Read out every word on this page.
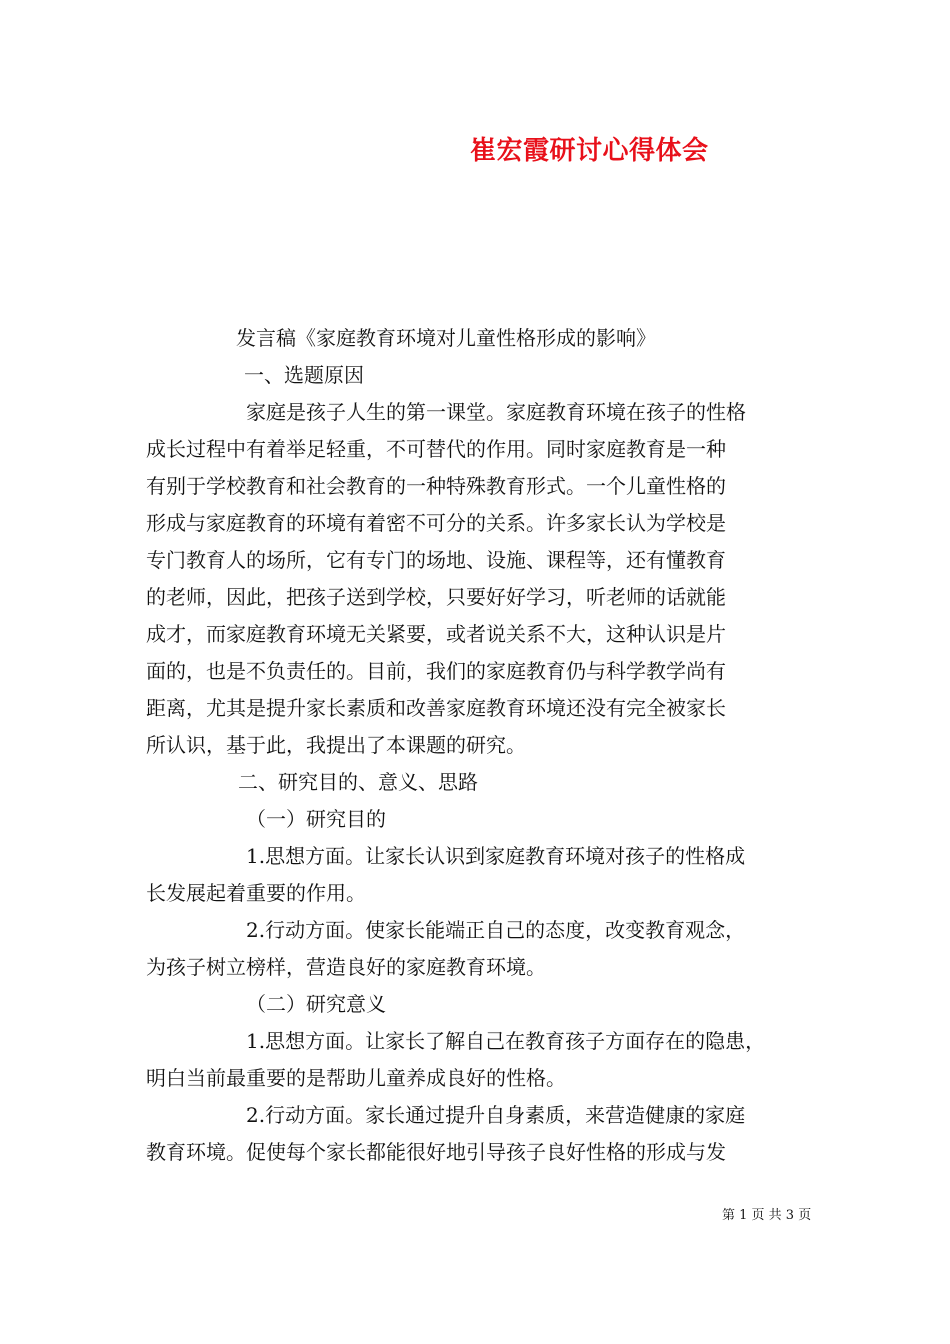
崔宏霞研讨心得体会
发言稿《家庭教育环境对儿童性格形成的影响》
一、选题原因
家庭是孩子人生的第一课堂。家庭教育环境在孩子的性格
成长过程中有着举足轻重，不可替代的作用。同时家庭教育是一种
有别于学校教育和社会教育的一种特殊教育形式。一个儿童性格的
形成与家庭教育的环境有着密不可分的关系。许多家长认为学校是
专门教育人的场所，它有专门的场地、设施、课程等，还有懂教育
的老师，因此，把孩子送到学校，只要好好学习，听老师的话就能
成才，而家庭教育环境无关紧要，或者说关系不大，这种认识是片
面的，也是不负责任的。目前，我们的家庭教育仍与科学教学尚有
距离，尤其是提升家长素质和改善家庭教育环境还没有完全被家长
所认识，基于此，我提出了本课题的研究。
二、研究目的、意义、思路
（一）研究目的
1.思想方面。让家长认识到家庭教育环境对孩子的性格成
长发展起着重要的作用。
2.行动方面。使家长能端正自己的态度，改变教育观念，
为孩子树立榜样，营造良好的家庭教育环境。
（二）研究意义
1.思想方面。让家长了解自己在教育孩子方面存在的隐患，
明白当前最重要的是帮助儿童养成良好的性格。
2.行动方面。家长通过提升自身素质，来营造健康的家庭
教育环境。促使每个家长都能很好地引导孩子良好性格的形成与发
第 1 页 共 3 页
